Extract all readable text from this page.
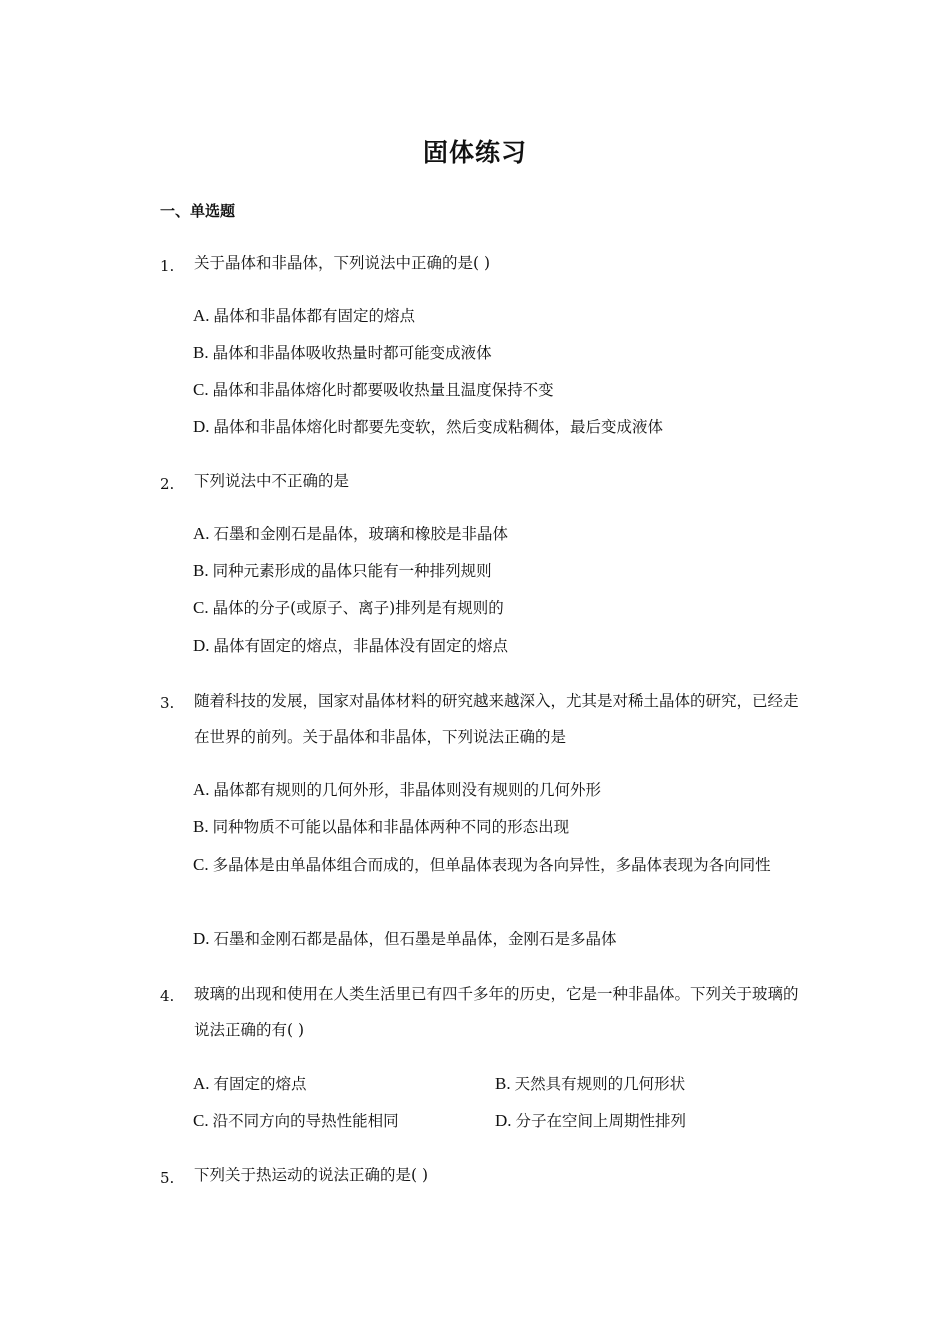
固体练习
一、单选题
1. 关于晶体和非晶体，下列说法中正确的是( )
A. 晶体和非晶体都有固定的熔点
B. 晶体和非晶体吸收热量时都可能变成液体
C. 晶体和非晶体熔化时都要吸收热量且温度保持不变
D. 晶体和非晶体熔化时都要先变软，然后变成粘稠体，最后变成液体
2. 下列说法中不正确的是
A. 石墨和金刚石是晶体，玻璃和橡胶是非晶体
B. 同种元素形成的晶体只能有一种排列规则
C. 晶体的分子(或原子、离子)排列是有规则的
D. 晶体有固定的熔点，非晶体没有固定的熔点
3. 随着科技的发展，国家对晶体材料的研究越来越深入，尤其是对稀土晶体的研究，已经走在世界的前列。关于晶体和非晶体，下列说法正确的是
A. 晶体都有规则的几何外形，非晶体则没有规则的几何外形
B. 同种物质不可能以晶体和非晶体两种不同的形态出现
C. 多晶体是由单晶体组合而成的，但单晶体表现为各向异性，多晶体表现为各向同性
D. 石墨和金刚石都是晶体，但石墨是单晶体，金刚石是多晶体
4. 玻璃的出现和使用在人类生活里已有四千多年的历史，它是一种非晶体。下列关于玻璃的说法正确的有( )
A. 有固定的熔点	B. 天然具有规则的几何形状
C. 沿不同方向的导热性能相同	D. 分子在空间上周期性排列
5. 下列关于热运动的说法正确的是( )
